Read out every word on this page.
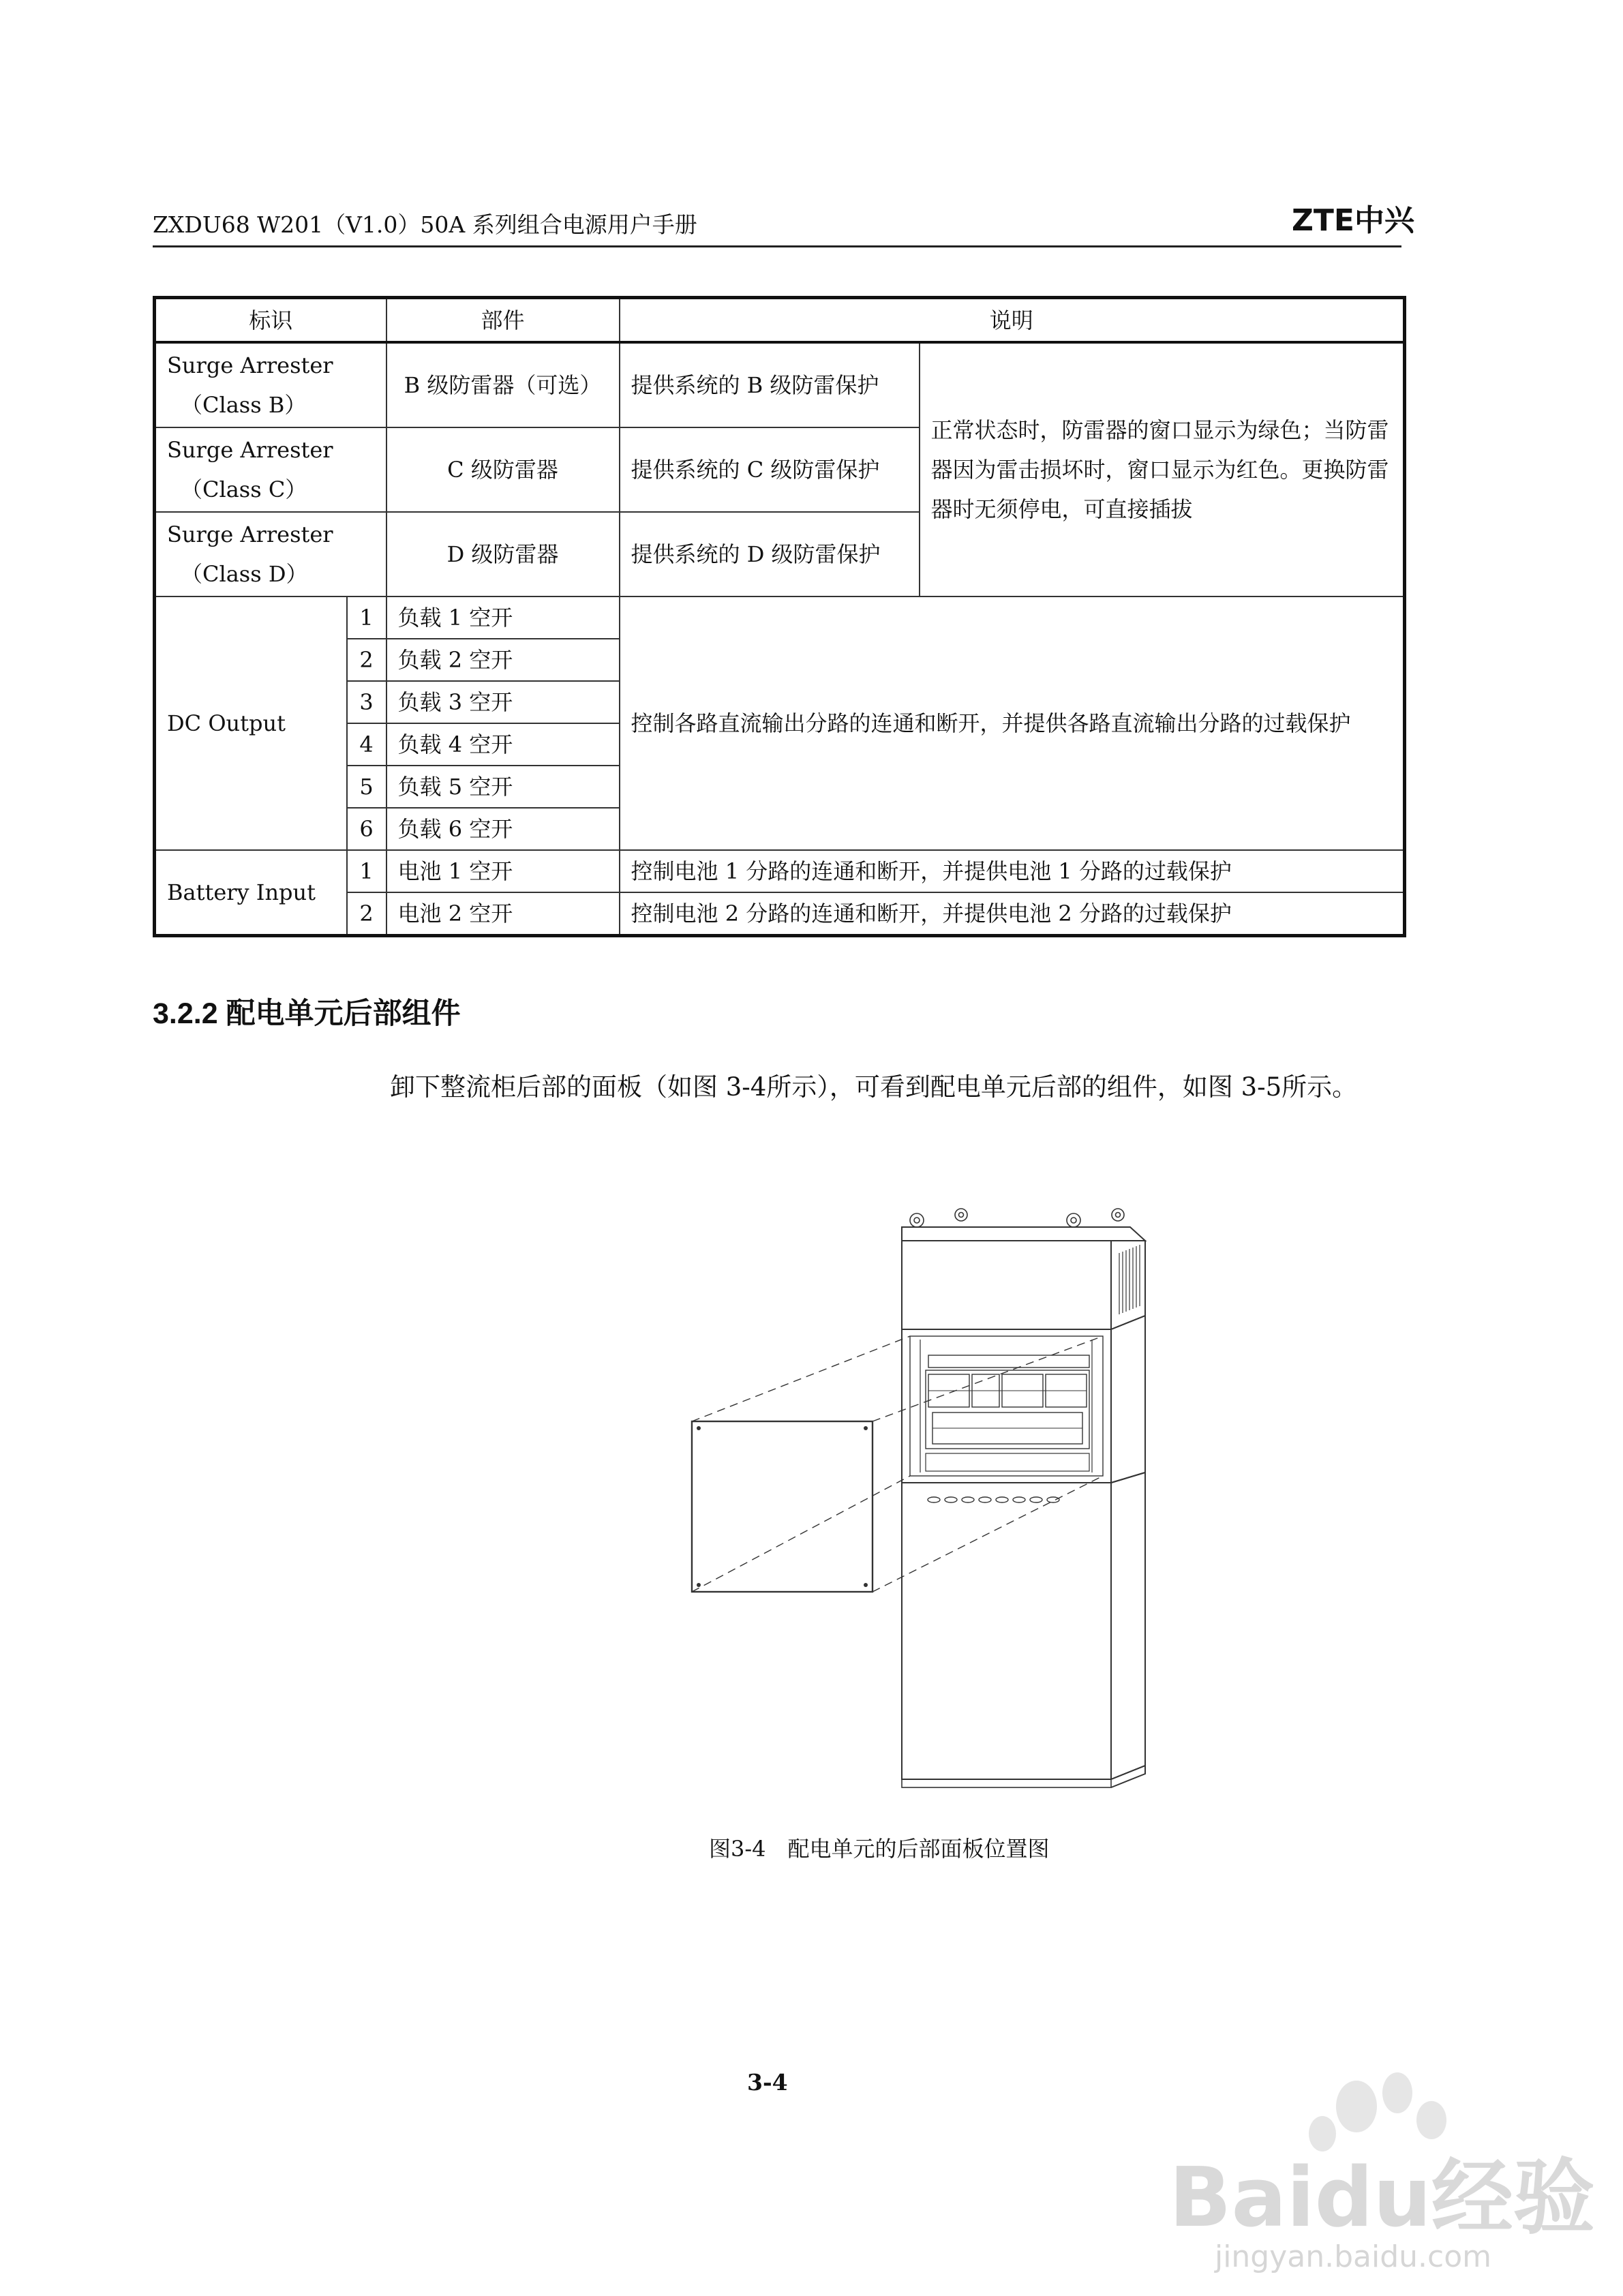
ZXDU68 W201（V1.0）50A 系列组合电源用户手册	ZTE中兴
标识		部件	说明	

Surge Arrester
（Class B）		B 级防雷器（可选）	提供系统的 B 级防雷保护	正常状态时，防雷器的窗口显示为绿色；当防雷器因为雷击损坏时，窗口显示为红色。更换防雷器时无须停电，可直接插拔

Surge Arrester
（Class C）		C 级防雷器	提供系统的 C 级防雷保护	

Surge Arrester
（Class D）		D 级防雷器	提供系统的 D 级防雷保护	
DC Output	1	负载 1 空开	控制各路直流输出分路的连通和断开，并提供各路直流输出分路的过载保护	
	2	负载 2 空开		
	3	负载 3 空开		
	4	负载 4 空开		
	5	负载 5 空开		
	6	负载 6 空开		
Battery Input	1	电池 1 空开	控制电池 1 分路的连通和断开，并提供电池 1 分路的过载保护	
	2	电池 2 空开	控制电池 2 分路的连通和断开，并提供电池 2 分路的过载保护	
3.2.2 配电单元后部组件
卸下整流柜后部的面板（如图 3-4所示），可看到配电单元后部的组件，如图 3-5所示。
图3-4　配电单元的后部面板位置图
3-4
Baidu经验
jingyan.baidu.com
